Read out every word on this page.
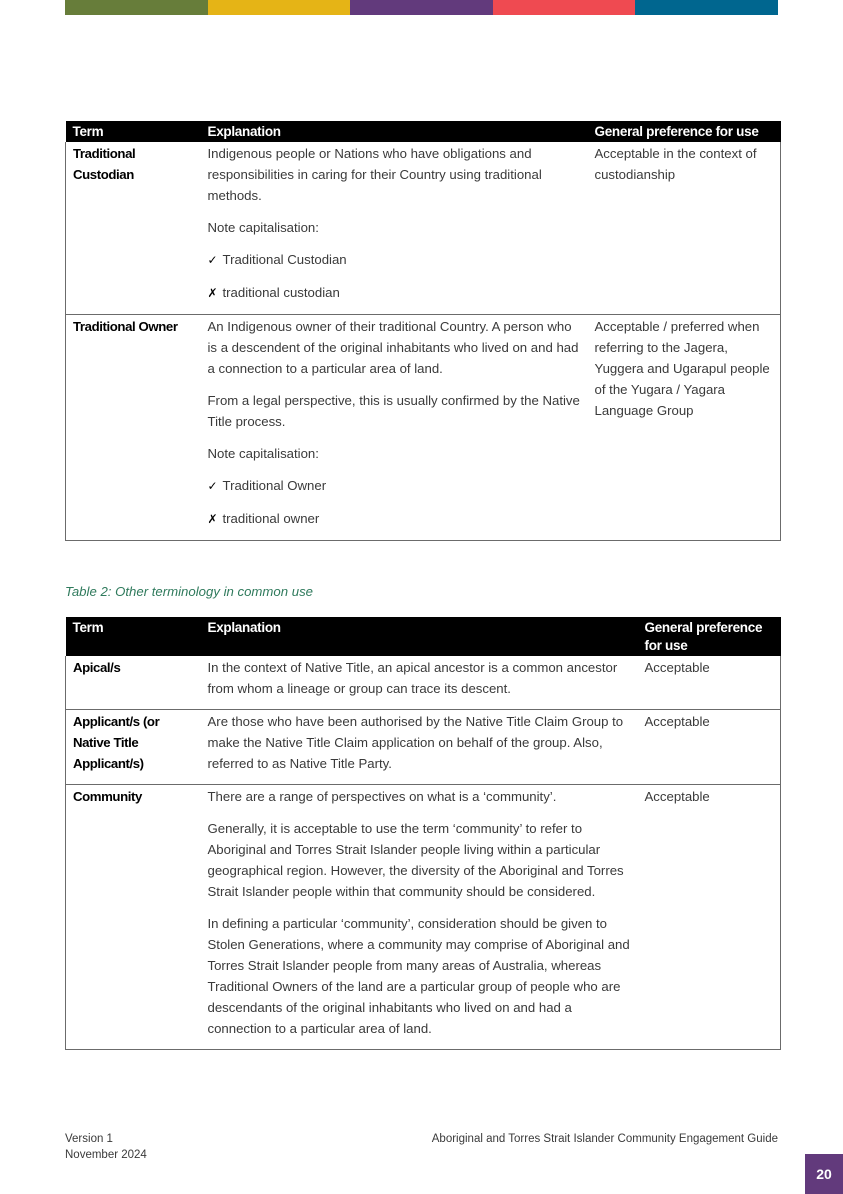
Term	Explanation	General preference for use
Traditional Custodian	Indigenous people or Nations who have obligations and responsibilities in caring for their Country using traditional methods.

Note capitalisation:

✓ Traditional Custodian

✗ traditional custodian	Acceptable in the context of custodianship
Traditional Owner	An Indigenous owner of their traditional Country. A person who is a descendent of the original inhabitants who lived on and had a connection to a particular area of land.

From a legal perspective, this is usually confirmed by the Native Title process.

Note capitalisation:

✓ Traditional Owner

✗ traditional owner	Acceptable / preferred when referring to the Jagera, Yuggera and Ugarapul people of the Yugara / Yagara Language Group
Table 2: Other terminology in common use
Term	Explanation	General preference for use
Apical/s	In the context of Native Title, an apical ancestor is a common ancestor from whom a lineage or group can trace its descent.	Acceptable
Applicant/s (or Native Title Applicant/s)	Are those who have been authorised by the Native Title Claim Group to make the Native Title Claim application on behalf of the group. Also, referred to as Native Title Party.	Acceptable
Community	There are a range of perspectives on what is a ‘community’.

Generally, it is acceptable to use the term ‘community’ to refer to Aboriginal and Torres Strait Islander people living within a particular geographical region. However, the diversity of the Aboriginal and Torres Strait Islander people within that community should be considered.

In defining a particular ‘community’, consideration should be given to Stolen Generations, where a community may comprise of Aboriginal and Torres Strait Islander people from many areas of Australia, whereas Traditional Owners of the land are a particular group of people who are descendants of the original inhabitants who lived on and had a connection to a particular area of land.	Acceptable
Version 1
November 2024
Aboriginal and Torres Strait Islander Community Engagement Guide
20
